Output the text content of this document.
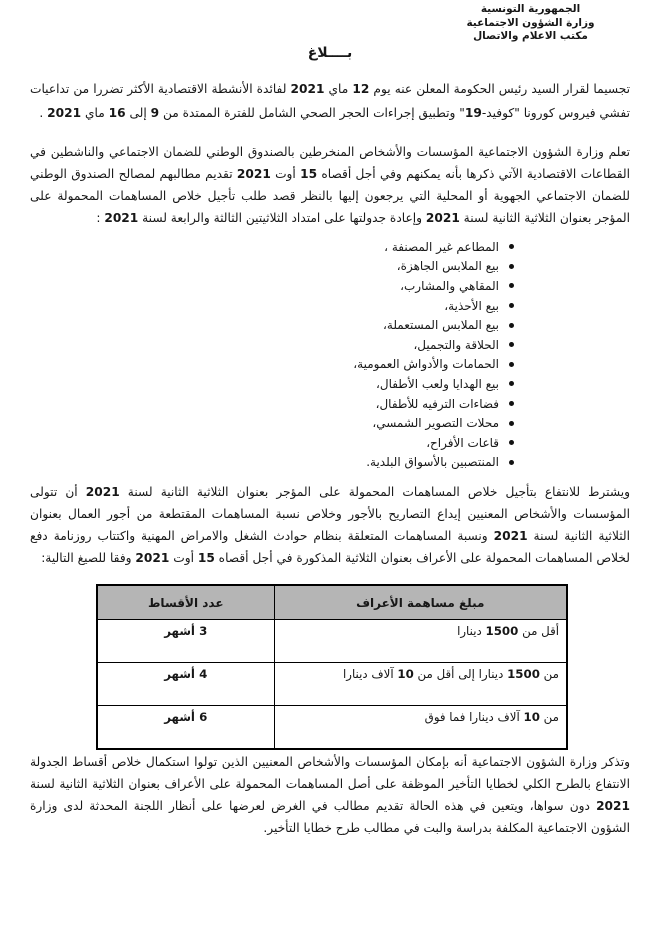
الجمهورية التونسية
وزارة الشؤون الاجتماعية
مكتب الاعلام والاتصال
بــــلاغ
تجسيما لقرار السيد رئيس الحكومة المعلن عنه يوم 12 ماي 2021 لفائدة الأنشطة الاقتصادية الأكثر تضررا من تداعيات تفشي فيروس كورونا "كوفيد-19" وتطبيق إجراءات الحجر الصحي الشامل للفترة الممتدة من 9 إلى 16 ماي 2021 .
تعلم وزارة الشؤون الاجتماعية المؤسسات والأشخاص المنخرطين بالصندوق الوطني للضمان الاجتماعي والناشطين في القطاعات الاقتصادية الآتي ذكرها بأنه يمكنهم وفي أجل أقصاه 15 أوت 2021 تقديم مطالبهم لمصالح الصندوق الوطني للضمان الاجتماعي الجهوية أو المحلية التي يرجعون إليها بالنظر قصد طلب تأجيل خلاص المساهمات المحمولة على المؤجر بعنوان الثلاثية الثانية لسنة 2021 وإعادة جدولتها على امتداد الثلاثيتين الثالثة والرابعة لسنة 2021 :
المطاعم غير المصنفة ،
بيع الملابس الجاهزة،
المقاهي والمشارب،
بيع الأحذية،
بيع الملابس المستعملة،
الحلاقة والتجميل،
الحمامات والأدواش العمومية،
بيع الهدايا ولعب الأطفال،
فضاءات الترفيه للأطفال،
محلات التصوير الشمسي،
قاعات الأفراح،
المنتصبين بالأسواق البلدية.
ويشترط للانتفاع بتأجيل خلاص المساهمات المحمولة على المؤجر بعنوان الثلاثية الثانية لسنة 2021 أن تتولى المؤسسات والأشخاص المعنيين إيداع التصاريح بالأجور وخلاص نسبة المساهمات المقتطعة من أجور العمال بعنوان الثلاثية الثانية لسنة 2021 ونسبة المساهمات المتعلقة بنظام حوادث الشغل والامراض المهنية واكتتاب روزنامة دفع لخلاص المساهمات المحمولة على الأعراف بعنوان الثلاثية المذكورة في أجل أقصاه 15 أوت 2021 وفقا للصيغ التالية:
مبلغ مساهمة الأعراف	عدد الأقساط
أقل من 1500 دينارا	3 أشهر
من 1500 دينارا إلى أقل من 10 آلاف دينارا	4 أشهر
من 10 آلاف دينارا فما فوق	6 أشهر
وتذكر وزارة الشؤون الاجتماعية أنه بإمكان المؤسسات والأشخاص المعنيين الذين تولوا استكمال خلاص أقساط الجدولة الانتفاع بالطرح الكلي لخطايا التأخير الموظفة على أصل المساهمات المحمولة على الأعراف بعنوان الثلاثية الثانية لسنة 2021 دون سواها، ويتعين في هذه الحالة تقديم مطالب في الغرض لعرضها على أنظار اللجنة المحدثة لدى وزارة الشؤون الاجتماعية المكلفة بدراسة والبت في مطالب طرح خطايا التأخير.
